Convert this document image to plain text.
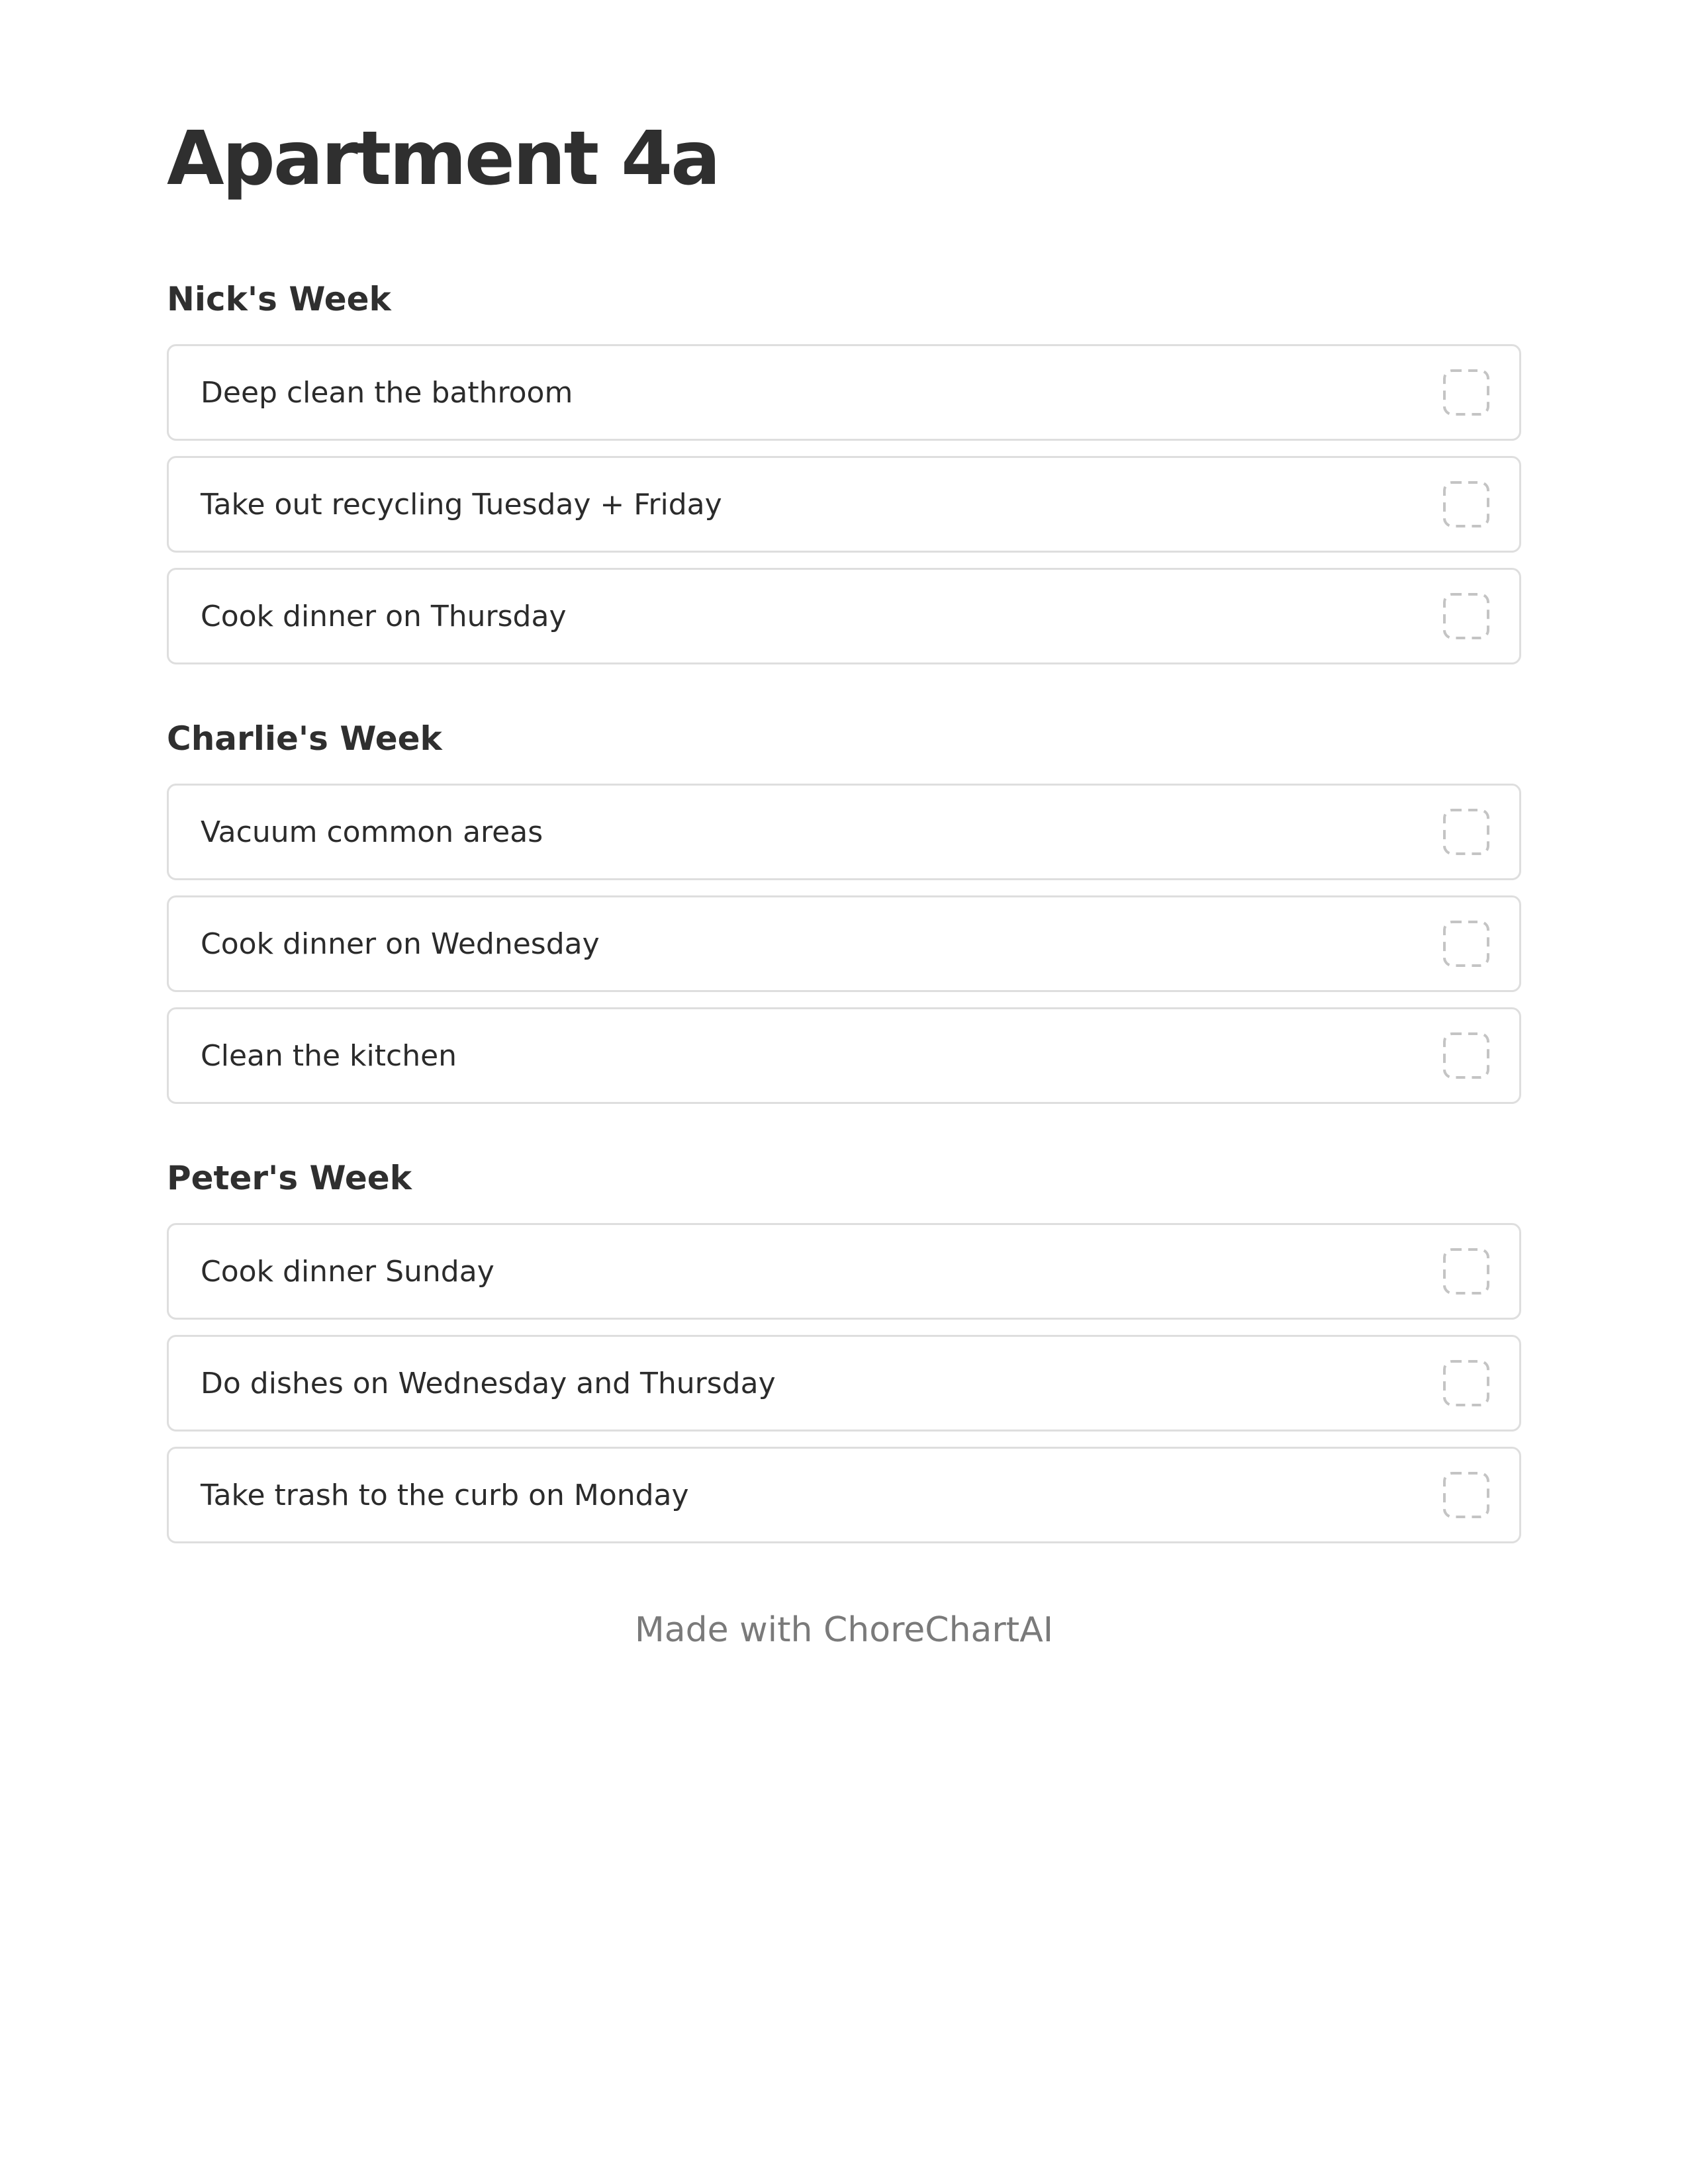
Apartment 4a
Nick's Week
Deep clean the bathroom
Take out recycling Tuesday + Friday
Cook dinner on Thursday
Charlie's Week
Vacuum common areas
Cook dinner on Wednesday
Clean the kitchen
Peter's Week
Cook dinner Sunday
Do dishes on Wednesday and Thursday
Take trash to the curb on Monday
Made with ChoreChartAI
